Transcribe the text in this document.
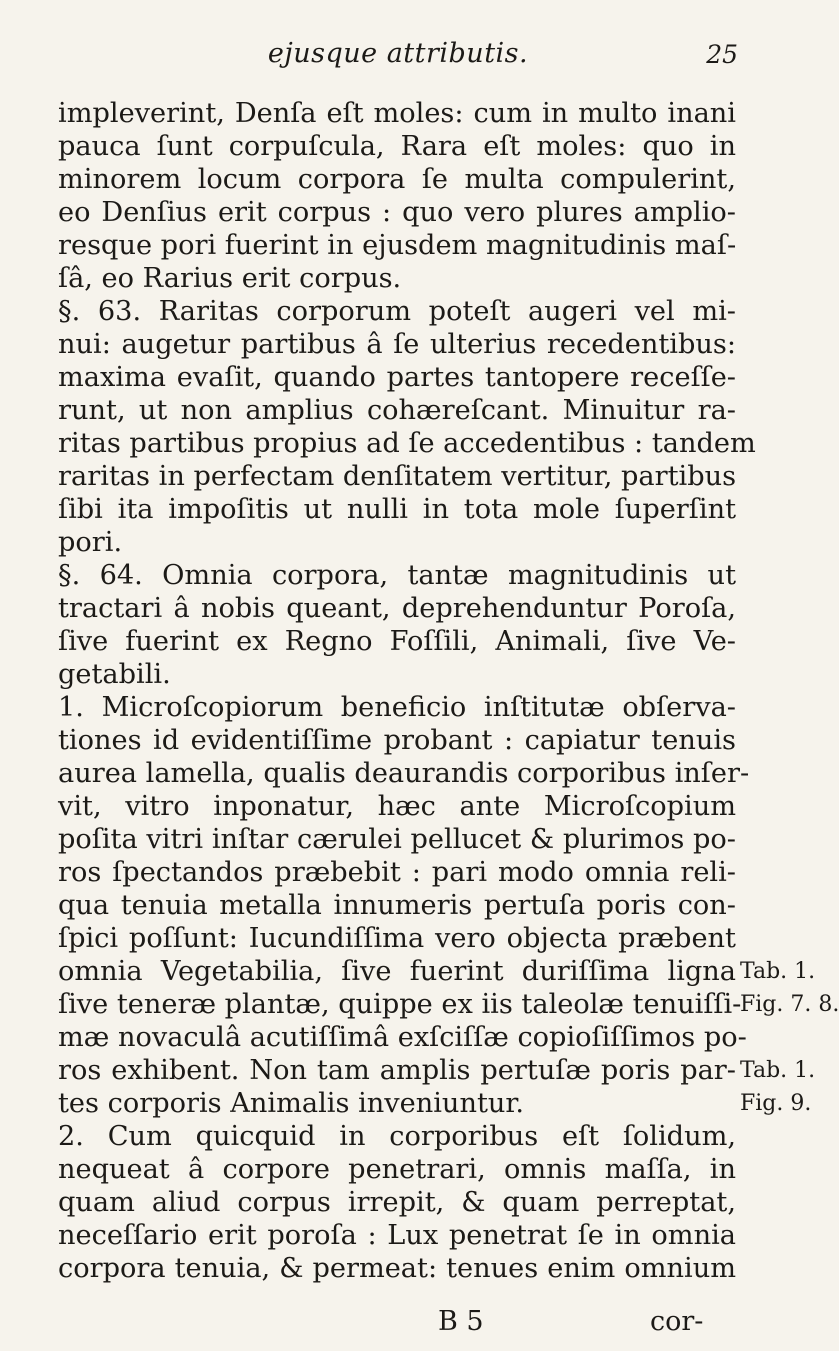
ejusque attributis.	25
impleverint, Denſa eſt moles: cum in multo inani
pauca ſunt corpuſcula, Rara eſt moles: quo in
minorem locum corpora ſe multa compulerint,
eo Denſius erit corpus : quo vero plures amplio-
resque pori fuerint in ejusdem magnitudinis maſ-
ſâ, eo Rarius erit corpus.
§. 63. Raritas corporum poteſt augeri vel mi-
nui: augetur partibus â ſe ulterius recedentibus:
maxima evaſit, quando partes tantopere receſſe-
runt, ut non amplius cohæreſcant. Minuitur ra-
ritas partibus propius ad ſe accedentibus : tandem
raritas in perfectam denſitatem vertitur, partibus
ſibi ita impoſitis ut nulli in tota mole ſuperſint
pori.
§. 64. Omnia corpora, tantæ magnitudinis ut
tractari â nobis queant, deprehenduntur Poroſa,
ſive fuerint ex Regno Foſſili, Animali, ſive Ve-
getabili.
1. Microſcopiorum beneficio inſtitutæ obſerva-
tiones id evidentiſſime probant : capiatur tenuis
aurea lamella, qualis deaurandis corporibus inſer-
vit, vitro inponatur, hæc ante Microſcopium
poſita vitri inſtar cærulei pellucet & plurimos po-
ros ſpectandos præbebit : pari modo omnia reli-
qua tenuia metalla innumeris pertuſa poris con-
ſpici poſſunt: Iucundiſſima vero objecta præbent
omnia Vegetabilia, ſive fuerint duriſſima ligna
ſive teneræ plantæ, quippe ex iis taleolæ tenuiſſi-
mæ novaculâ acutiſſimâ exſciſſæ copioſiſſimos po-
ros exhibent. Non tam amplis pertuſæ poris par-
tes corporis Animalis inveniuntur.
2. Cum quicquid in corporibus eſt ſolidum,
nequeat â corpore penetrari, omnis maſſa, in
quam aliud corpus irrepit, & quam perreptat,
neceſſario erit poroſa : Lux penetrat ſe in omnia
corpora tenuia, & permeat: tenues enim omnium
Tab. 1.
Fig. 7. 8.
Tab. 1.
Fig. 9.
B 5	cor-
